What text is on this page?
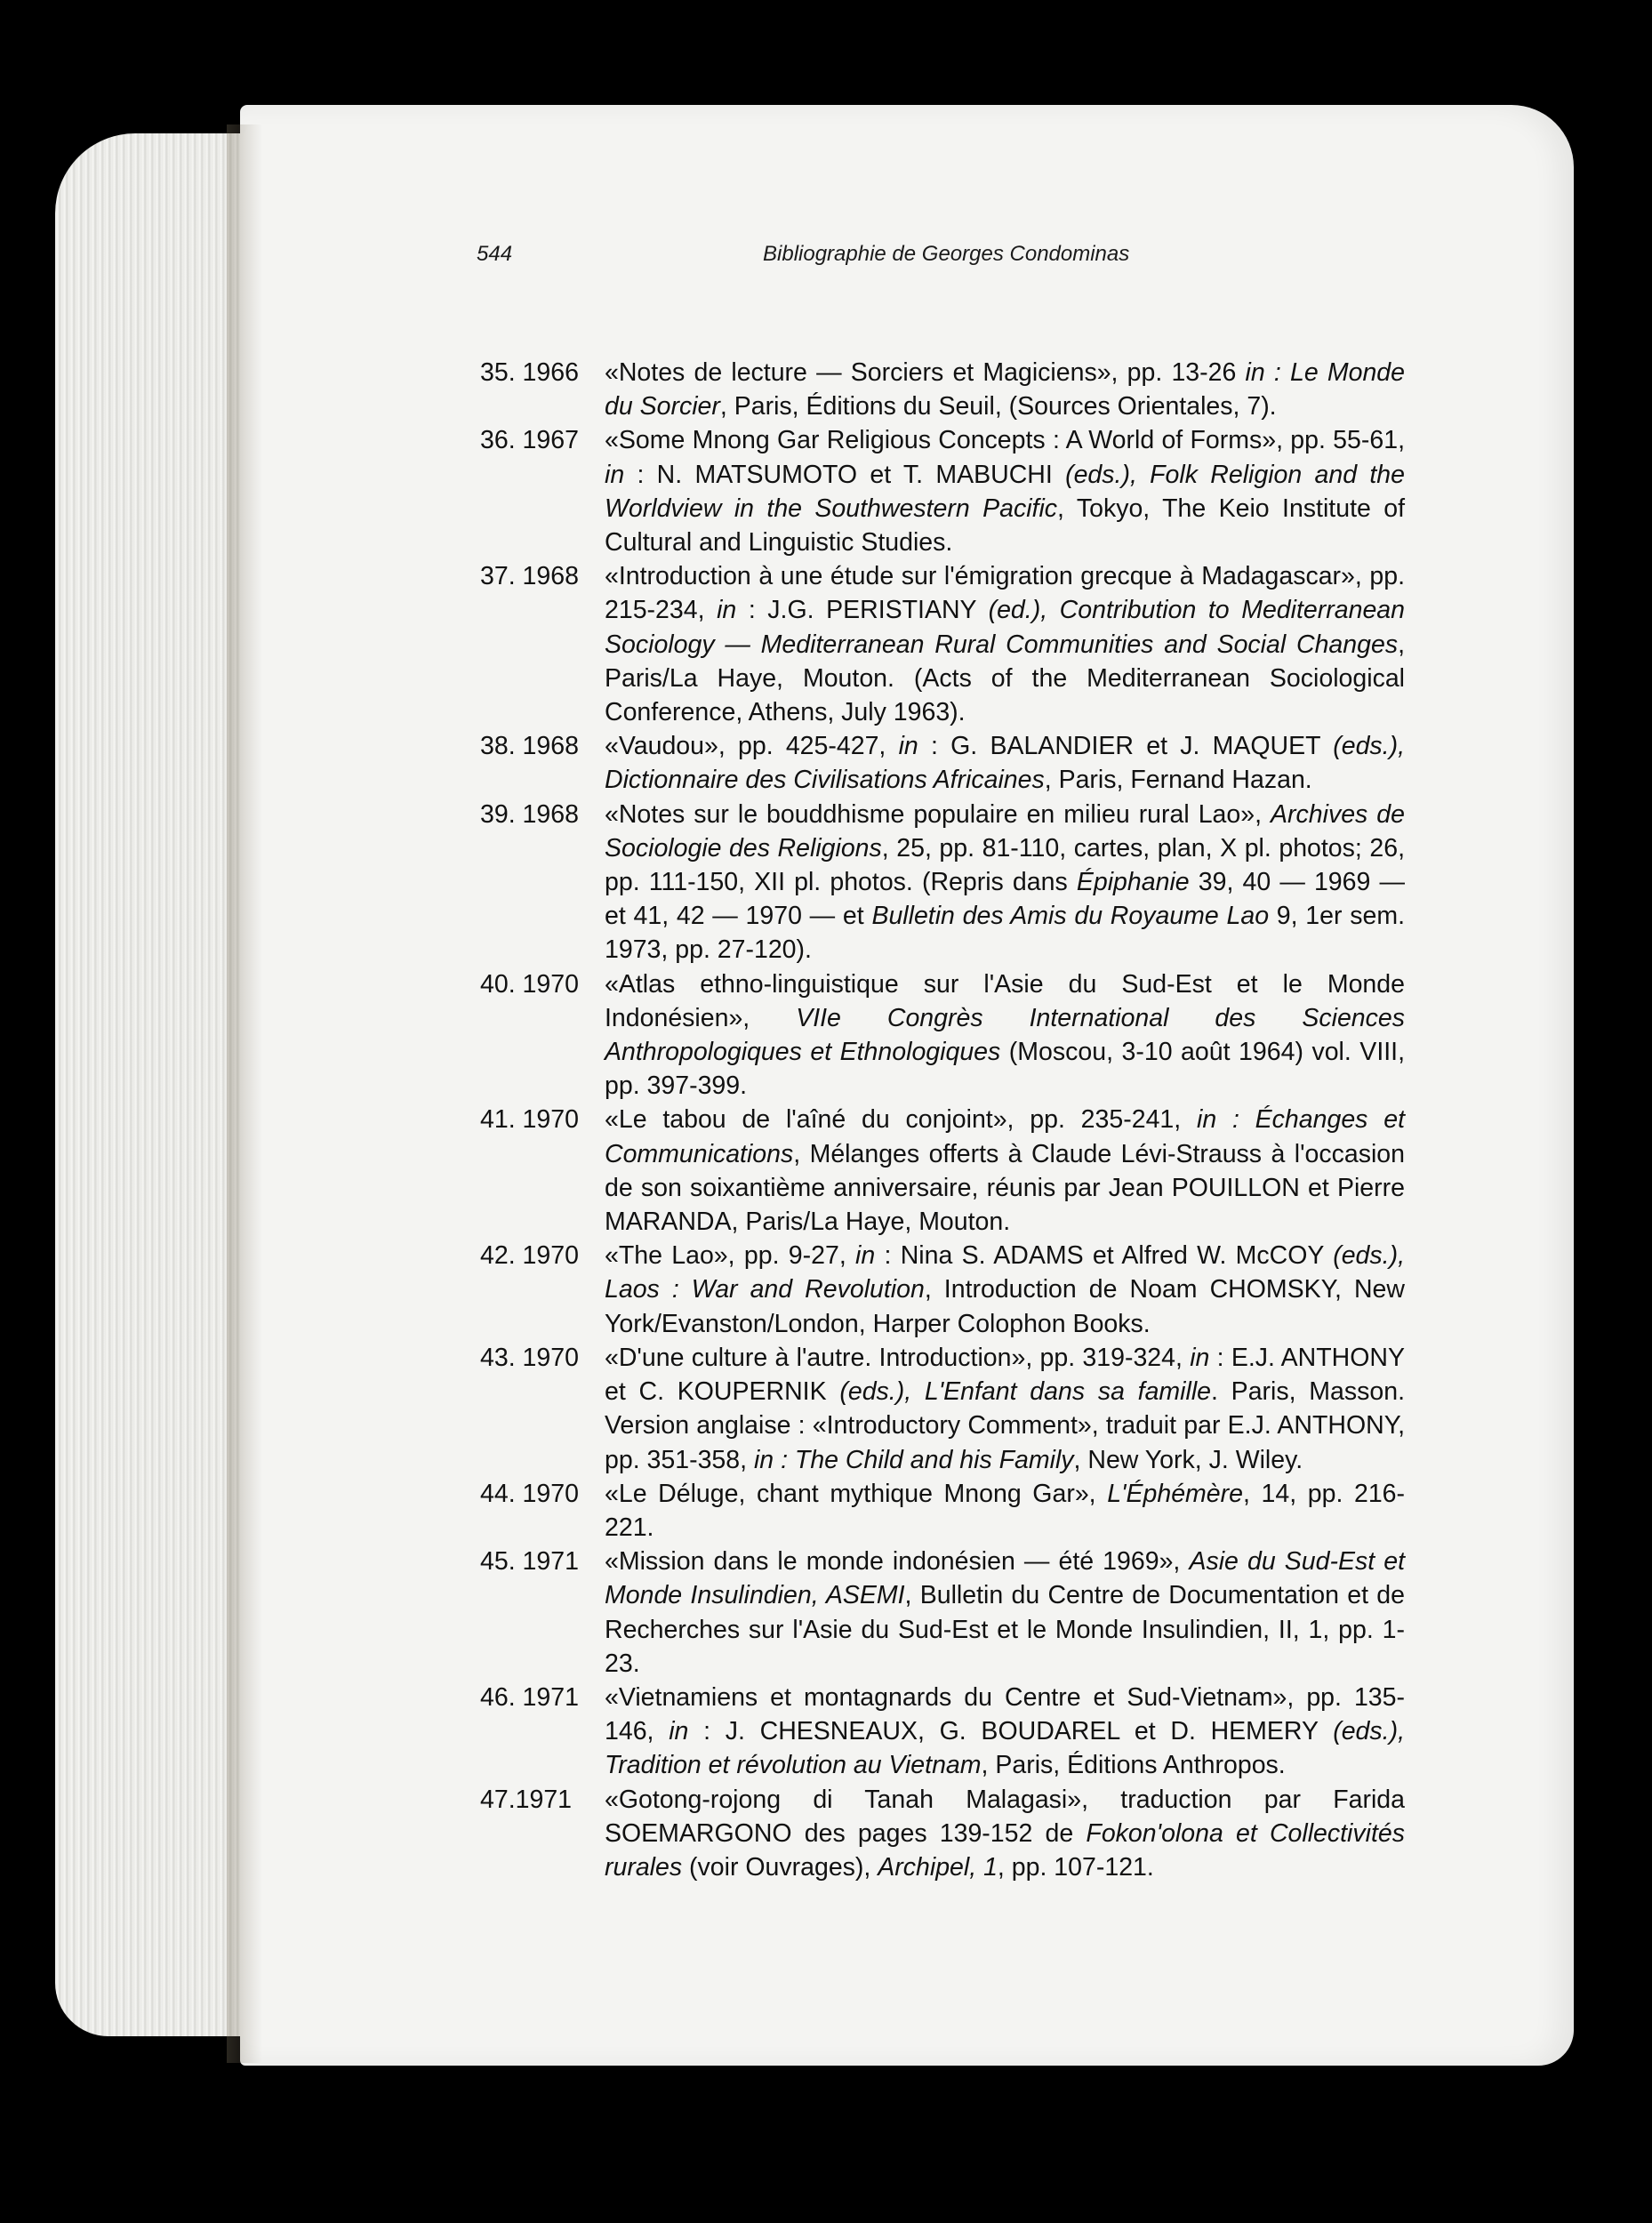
544	Bibliographie de Georges Condominas
35. 1966	«Notes de lecture — Sorciers et Magiciens», pp. 13-26 in : Le Monde du Sorcier, Paris, Éditions du Seuil, (Sources Orientales, 7).
36. 1967	«Some Mnong Gar Religious Concepts : A World of Forms», pp. 55-61, in : N. MATSUMOTO et T. MABUCHI (eds.), Folk Religion and the Worldview in the Southwestern Pacific, Tokyo, The Keio Institute of Cultural and Linguistic Studies.
37. 1968	«Introduction à une étude sur l'émigration grecque à Madagascar», pp. 215-234, in : J.G. PERISTIANY (ed.), Contribution to Mediterranean Sociology — Mediterranean Rural Communities and Social Changes, Paris/La Haye, Mouton. (Acts of the Mediterranean Sociological Conference, Athens, July 1963).
38. 1968	«Vaudou», pp. 425-427, in : G. BALANDIER et J. MAQUET (eds.), Dictionnaire des Civilisations Africaines, Paris, Fernand Hazan.
39. 1968	«Notes sur le bouddhisme populaire en milieu rural Lao», Archives de Sociologie des Religions, 25, pp. 81-110, cartes, plan, X pl. photos; 26, pp. 111-150, XII pl. photos. (Repris dans Épiphanie 39, 40 — 1969 — et 41, 42 — 1970 — et Bulletin des Amis du Royaume Lao 9, 1er sem. 1973, pp. 27-120).
40. 1970	«Atlas ethno-linguistique sur l'Asie du Sud-Est et le Monde Indonésien», VIIe Congrès International des Sciences Anthropologiques et Ethnologiques (Moscou, 3-10 août 1964) vol. VIII, pp. 397-399.
41. 1970	«Le tabou de l'aîné du conjoint», pp. 235-241, in : Échanges et Communications, Mélanges offerts à Claude Lévi-Strauss à l'occasion de son soixantième anniversaire, réunis par Jean POUILLON et Pierre MARANDA, Paris/La Haye, Mouton.
42. 1970	«The Lao», pp. 9-27, in : Nina S. ADAMS et Alfred W. McCOY (eds.), Laos : War and Revolution, Introduction de Noam CHOMSKY, New York/Evanston/London, Harper Colophon Books.
43. 1970	«D'une culture à l'autre. Introduction», pp. 319-324, in : E.J. ANTHONY et C. KOUPERNIK (eds.), L'Enfant dans sa famille. Paris, Masson. Version anglaise : «Introductory Comment», traduit par E.J. ANTHONY, pp. 351-358, in : The Child and his Family, New York, J. Wiley.
44. 1970	«Le Déluge, chant mythique Mnong Gar», L'Éphémère, 14, pp. 216-221.
45. 1971	«Mission dans le monde indonésien — été 1969», Asie du Sud-Est et Monde Insulindien, ASEMI, Bulletin du Centre de Documentation et de Recherches sur l'Asie du Sud-Est et le Monde Insulindien, II, 1, pp. 1-23.
46. 1971	«Vietnamiens et montagnards du Centre et Sud-Vietnam», pp. 135-146, in : J. CHESNEAUX, G. BOUDAREL et D. HEMERY (eds.), Tradition et révolution au Vietnam, Paris, Éditions Anthropos.
47.1971	«Gotong-rojong di Tanah Malagasi», traduction par Farida SOEMARGONO des pages 139-152 de Fokon'olona et Collectivités rurales (voir Ouvrages), Archipel, 1, pp. 107-121.
